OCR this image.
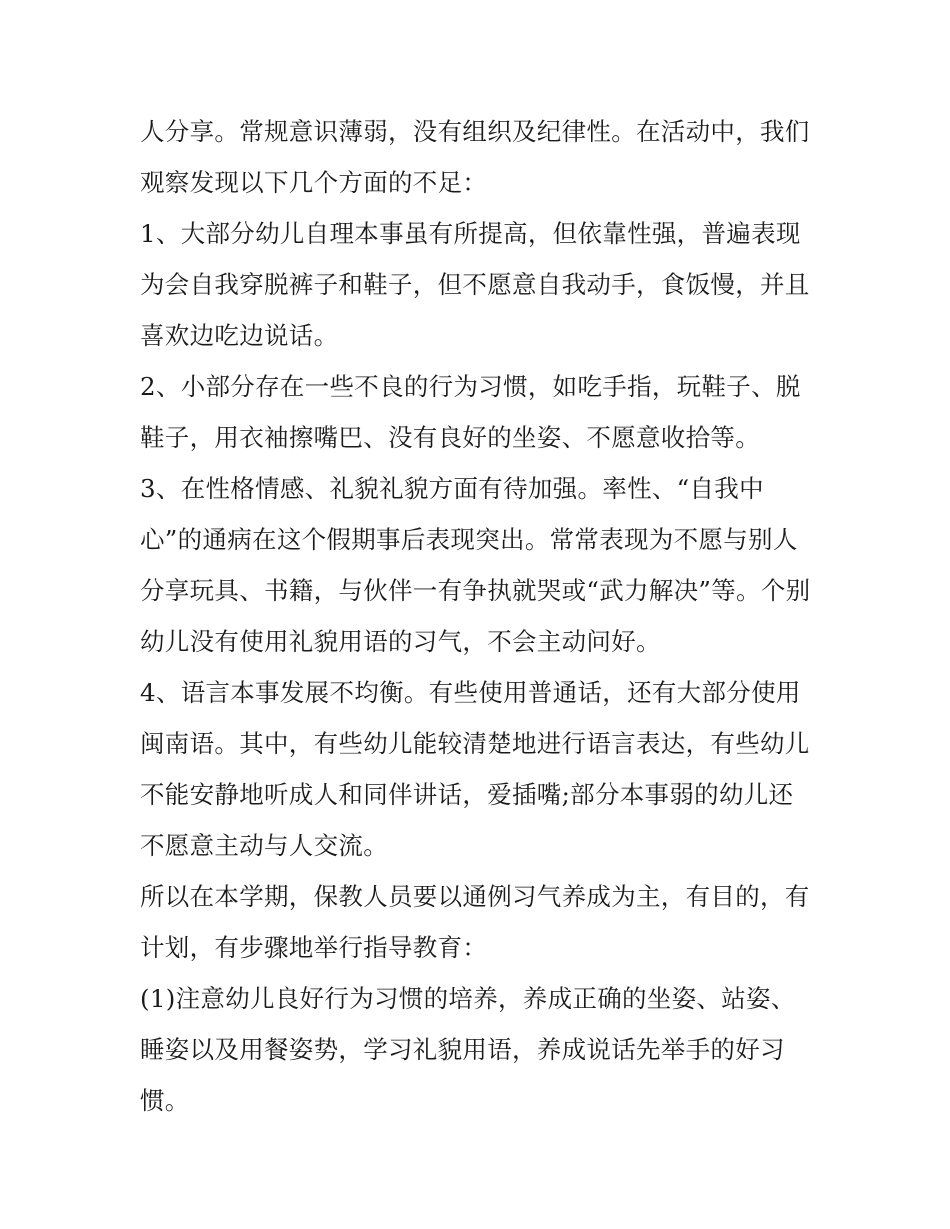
人分享。常规意识薄弱，没有组织及纪律性。在活动中，我们
观察发现以下几个方面的不足：
1、大部分幼儿自理本事虽有所提高，但依靠性强，普遍表现
为会自我穿脱裤子和鞋子，但不愿意自我动手，食饭慢，并且
喜欢边吃边说话。
2、小部分存在一些不良的行为习惯，如吃手指，玩鞋子、脱
鞋子，用衣袖擦嘴巴、没有良好的坐姿、不愿意收拾等。
3、在性格情感、礼貌礼貌方面有待加强。率性、“自我中
心”的通病在这个假期事后表现突出。常常表现为不愿与别人
分享玩具、书籍，与伙伴一有争执就哭或“武力解决”等。个别
幼儿没有使用礼貌用语的习气，不会主动问好。
4、语言本事发展不均衡。有些使用普通话，还有大部分使用
闽南语。其中，有些幼儿能较清楚地进行语言表达，有些幼儿
不能安静地听成人和同伴讲话，爱插嘴;部分本事弱的幼儿还
不愿意主动与人交流。
所以在本学期，保教人员要以通例习气养成为主，有目的，有
计划，有步骤地举行指导教育：
(1)注意幼儿良好行为习惯的培养，养成正确的坐姿、站姿、
睡姿以及用餐姿势，学习礼貌用语，养成说话先举手的好习
惯。
